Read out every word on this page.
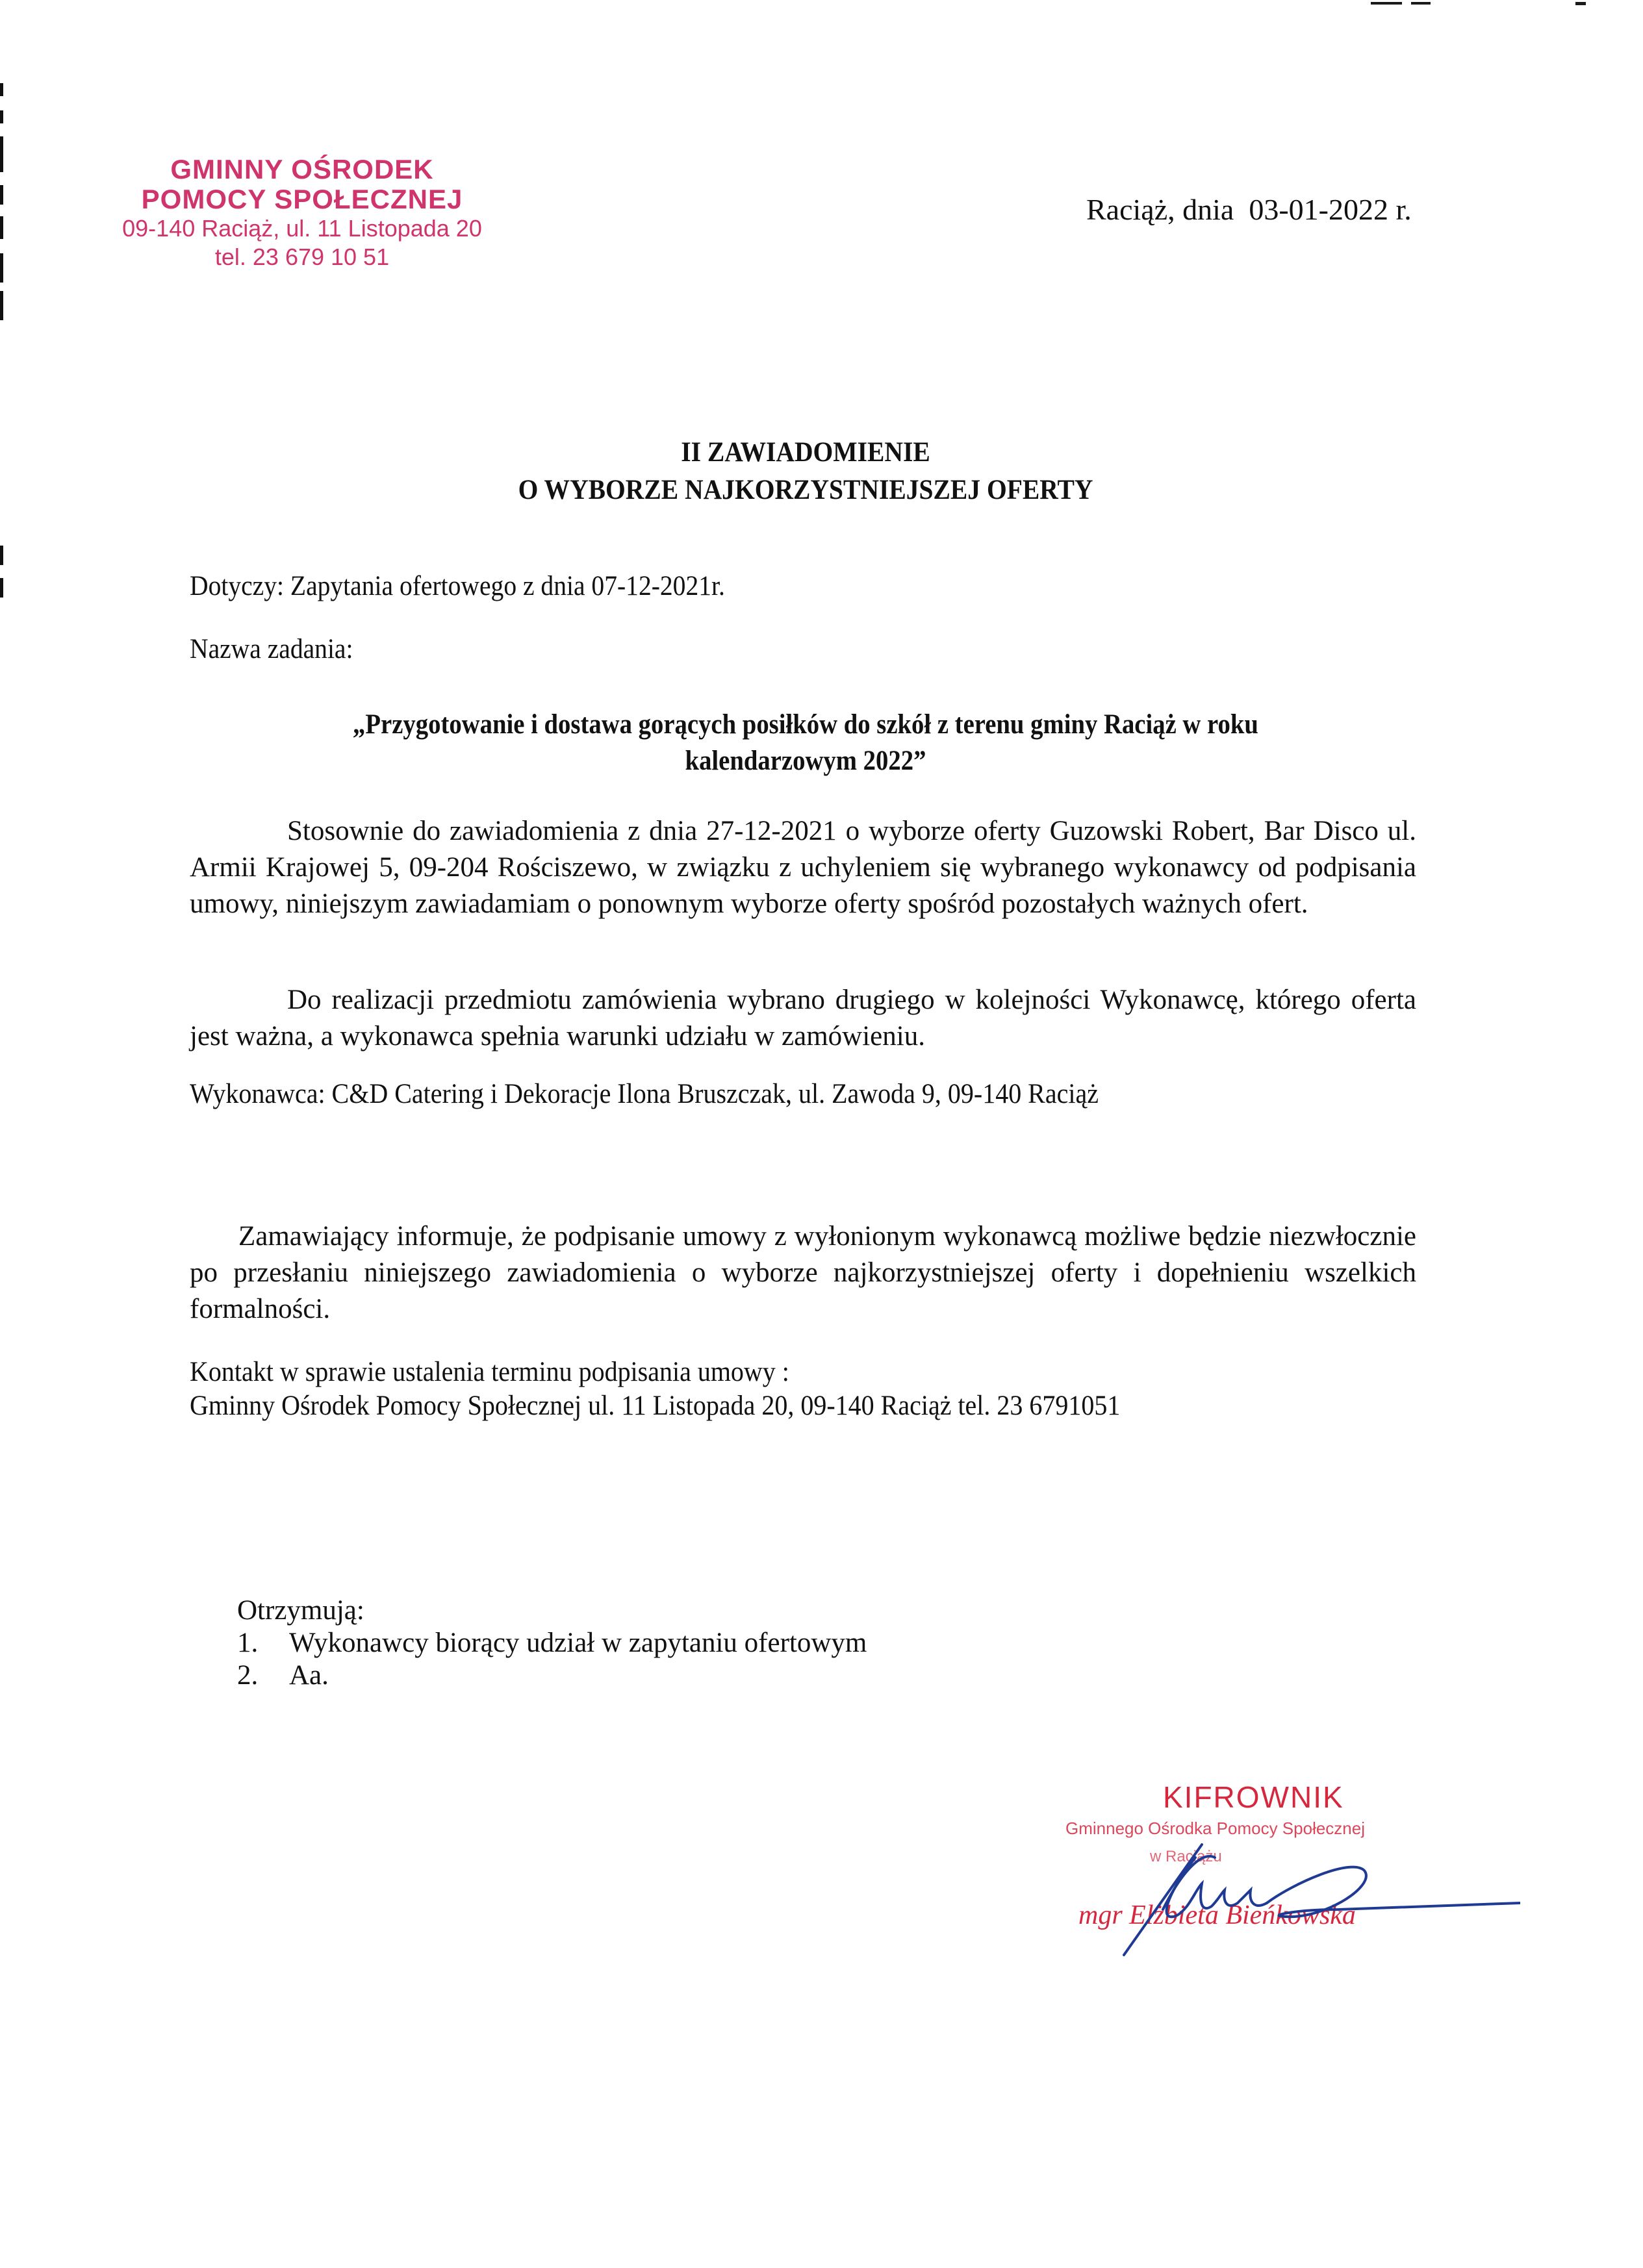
GMINNY OŚRODEK
POMOCY SPOŁECZNEJ
09-140 Raciąż, ul. 11 Listopada 20
tel. 23 679 10 51
Raciąż, dnia  03-01-2022 r.
II ZAWIADOMIENIE
O WYBORZE NAJKORZYSTNIEJSZEJ OFERTY
Dotyczy: Zapytania ofertowego z dnia 07-12-2021r.
Nazwa zadania:
„Przygotowanie i dostawa gorących posiłków do szkół z terenu gminy Raciąż w roku
kalendarzowym 2022”
Stosownie do zawiadomienia z dnia 27-12-2021 o wyborze oferty Guzowski Robert, Bar Disco ul. Armii Krajowej 5, 09-204 Rościszewo, w związku z uchyleniem się wybranego wykonawcy od podpisania umowy, niniejszym zawiadamiam o ponownym wyborze oferty spośród pozostałych ważnych ofert.
Do realizacji przedmiotu zamówienia wybrano drugiego w kolejności Wykonawcę, którego oferta jest ważna, a wykonawca spełnia warunki udziału w zamówieniu.
Wykonawca: C&D Catering i Dekoracje Ilona Bruszczak, ul. Zawoda 9, 09-140 Raciąż
Zamawiający informuje, że podpisanie umowy z wyłonionym wykonawcą możliwe będzie niezwłocznie po przesłaniu niniejszego zawiadomienia o wyborze najkorzystniejszej oferty i dopełnieniu wszelkich formalności.
Kontakt w sprawie ustalenia terminu podpisania umowy :
Gminny Ośrodek Pomocy Społecznej ul. 11 Listopada 20, 09-140 Raciąż tel. 23 6791051
Otrzymują:
1.	Wykonawcy biorący udział w zapytaniu ofertowym
2.	Aa.
KIFROWNIK
Gminnego Ośrodka Pomocy Społecznej
w Raciążu
mgr Elżbieta Bieńkowska
